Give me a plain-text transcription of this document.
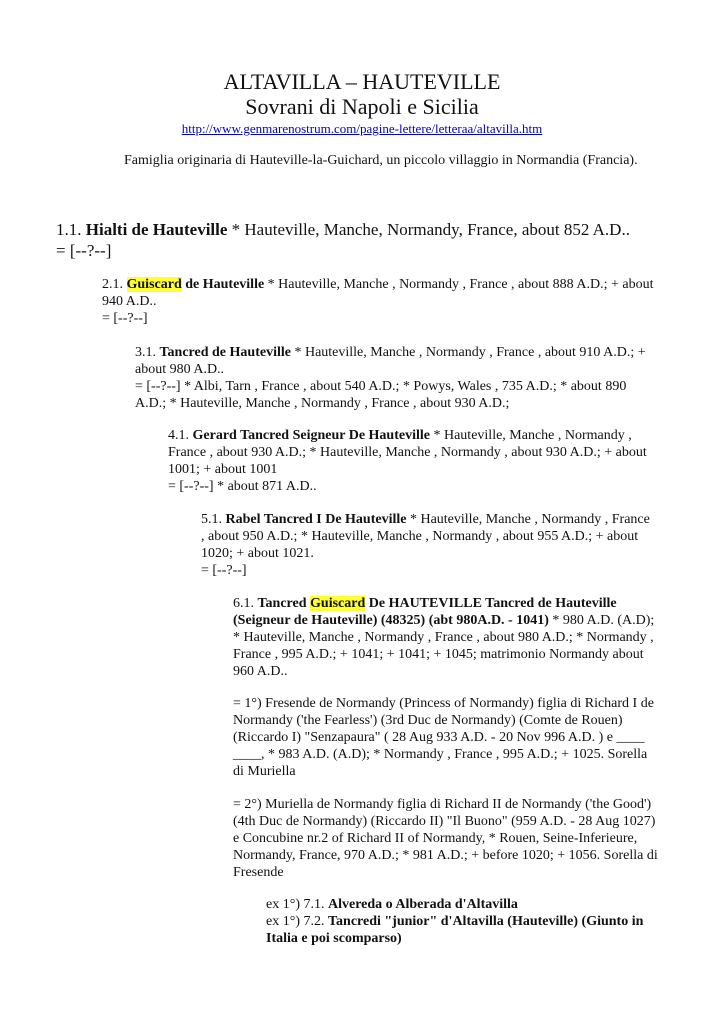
ALTAVILLA – HAUTEVILLE
Sovrani di Napoli e Sicilia
http://www.genmarenostrum.com/pagine-lettere/letteraa/altavilla.htm
Famiglia originaria di Hauteville-la-Guichard, un piccolo villaggio in Normandia (Francia).
1.1. Hialti de Hauteville * Hauteville, Manche, Normandy, France, about 852 A.D..
= [--?--]
2.1. Guiscard de Hauteville * Hauteville, Manche , Normandy , France , about 888 A.D.; + about 940 A.D..
= [--?--]
3.1. Tancred de Hauteville * Hauteville, Manche , Normandy , France , about 910 A.D.; + about 980 A.D..
= [--?--] * Albi, Tarn , France , about 540 A.D.; * Powys, Wales , 735 A.D.; * about 890 A.D.; * Hauteville, Manche , Normandy , France , about 930 A.D.;
4.1. Gerard Tancred Seigneur De Hauteville * Hauteville, Manche , Normandy , France , about 930 A.D.; * Hauteville, Manche , Normandy , about 930 A.D.; + about 1001; + about 1001
= [--?--] * about 871 A.D..
5.1. Rabel Tancred I De Hauteville * Hauteville, Manche , Normandy , France , about 950 A.D.; * Hauteville, Manche , Normandy , about 955 A.D.; + about 1020; + about 1021.
= [--?--]
6.1. Tancred Guiscard De HAUTEVILLE Tancred de Hauteville (Seigneur de Hauteville) (48325) (abt 980A.D. - 1041) * 980 A.D. (A.D); * Hauteville, Manche , Normandy , France , about 980 A.D.; * Normandy , France , 995 A.D.; + 1041; + 1041; + 1045; matrimonio Normandy about 960 A.D..
= 1°) Fresende de Normandy (Princess of Normandy) figlia di Richard I de Normandy ('the Fearless') (3rd Duc de Normandy) (Comte de Rouen) (Riccardo I) "Senzapaura" ( 28 Aug 933 A.D. - 20 Nov 996 A.D. ) e ____ ____, * 983 A.D. (A.D); * Normandy , France , 995 A.D.; + 1025. Sorella di Muriella
= 2°) Muriella de Normandy figlia di Richard II de Normandy ('the Good') (4th Duc de Normandy) (Riccardo II) "Il Buono" (959 A.D. - 28 Aug 1027) e Concubine nr.2 of Richard II of Normandy, * Rouen, Seine-Inferieure, Normandy, France, 970 A.D.; * 981 A.D.; + before 1020; + 1056. Sorella di Fresende
ex 1°) 7.1. Alvereda o Alberada d'Altavilla
ex 1°) 7.2. Tancredi "junior" d'Altavilla (Hauteville) (Giunto in Italia e poi scomparso)
